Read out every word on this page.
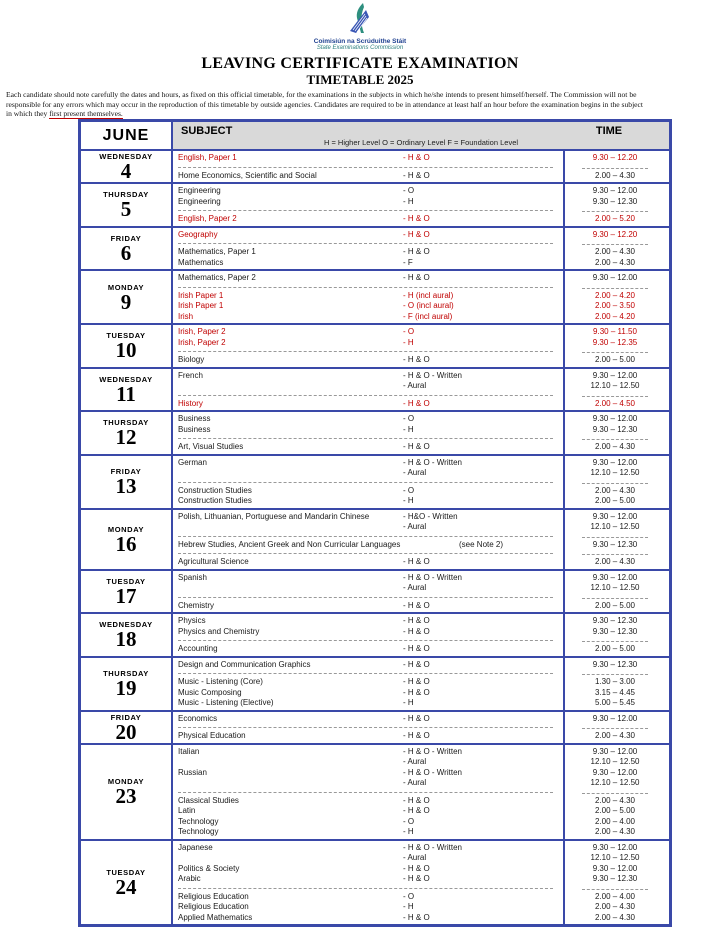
Coimisiún na Scrúduithe Stáit
State Examinations Commission
LEAVING CERTIFICATE EXAMINATION
TIMETABLE 2025
Each candidate should note carefully the dates and hours, as fixed on this official timetable, for the examinations in the subjects in which he/she intends to present himself/herself. The Commission will not be
responsible for any errors which may occur in the reproduction of this timetable by outside agencies. Candidates are required to be in attendance at least half an hour before the examination begins in the subject
in which they first present themselves.
JUNE	SUBJECT	TIME
H = Higher Level O = Ordinary Level F = Foundation Level
WEDNESDAY
4
English, Paper 1	- H & O	9.30 – 12.20
Home Economics, Scientific and Social	- H & O	2.00 – 4.30
THURSDAY
5
Engineering	- O	9.30 – 12.00
Engineering	- H	9.30 – 12.30
English, Paper 2	- H & O	2.00 – 5.20
FRIDAY
6
Geography	- H & O	9.30 – 12.20
Mathematics, Paper 1	- H & O	2.00 – 4.30
Mathematics	- F	2.00 – 4.30
MONDAY
9
Mathematics, Paper 2	- H & O	9.30 – 12.00
Irish Paper 1	- H (incl aural)	2.00 – 4.20
Irish Paper 1	- O (incl aural)	2.00 – 3.50
Irish	- F (incl aural)	2.00 – 4.20
TUESDAY
10
Irish, Paper 2	- O	9.30 – 11.50
Irish, Paper 2	- H	9.30 – 12.35
Biology	- H & O	2.00 – 5.00
WEDNESDAY
11
French	- H & O - Written	9.30 – 12.00
- Aural	12.10 – 12.50
History	- H & O	2.00 – 4.50
THURSDAY
12
Business	- O	9.30 – 12.00
Business	- H	9.30 – 12.30
Art, Visual Studies	- H & O	2.00 – 4.30
FRIDAY
13
German	- H & O - Written	9.30 – 12.00
- Aural	12.10 – 12.50
Construction Studies	- O	2.00 – 4.30
Construction Studies	- H	2.00 – 5.00
MONDAY
16
Polish, Lithuanian, Portuguese and Mandarin Chinese	- H&O - Written	9.30 – 12.00
- Aural	12.10 – 12.50
Hebrew Studies, Ancient Greek and Non Curricular Languages	(see Note 2)	9.30 – 12.30
Agricultural Science	- H & O	2.00 – 4.30
TUESDAY
17
Spanish	- H & O - Written	9.30 – 12.00
- Aural	12.10 – 12.50
Chemistry	- H & O	2.00 – 5.00
WEDNESDAY
18
Physics	- H & O	9.30 – 12.30
Physics and Chemistry	- H & O	9.30 – 12.30
Accounting	- H & O	2.00 – 5.00
THURSDAY
19
Design and Communication Graphics	- H & O	9.30 – 12.30
Music - Listening (Core)	- H & O	1.30 – 3.00
Music Composing	- H & O	3.15 – 4.45
Music - Listening (Elective)	- H	5.00 – 5.45
FRIDAY
20
Economics	- H & O	9.30 – 12.00
Physical Education	- H & O	2.00 – 4.30
MONDAY
23
Italian	- H & O - Written	9.30 – 12.00
- Aural	12.10 – 12.50
Russian	- H & O - Written	9.30 – 12.00
- Aural	12.10 – 12.50
Classical Studies	- H & O	2.00 – 4.30
Latin	- H & O	2.00 – 5.00
Technology	- O	2.00 – 4.00
Technology	- H	2.00 – 4.30
TUESDAY
24
Japanese	- H & O - Written	9.30 – 12.00
- Aural	12.10 – 12.50
Politics & Society	- H & O	9.30 – 12.00
Arabic	- H & O	9.30 – 12.30
Religious Education	- O	2.00 – 4.00
Religious Education	- H	2.00 – 4.30
Applied Mathematics	- H & O	2.00 – 4.30
